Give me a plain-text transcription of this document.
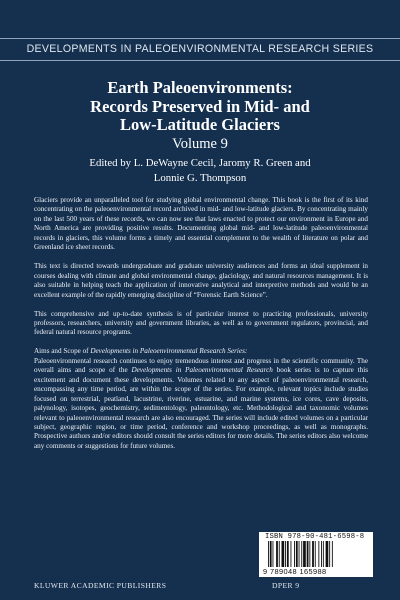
DEVELOPMENTS IN PALEOENVIRONMENTAL RESEARCH SERIES
Earth Paleoenvironments:
Records Preserved in Mid- and
Low-Latitude Glaciers
Volume 9
Edited by L. DeWayne Cecil, Jaromy R. Green and
Lonnie G. Thompson

Glaciers provide an unparalleled tool for studying global environmental change. This book is the first of its kind concentrating on the paleoenvironmental record archived in mid- and low-latitude glaciers. By concentrating mainly on the last 500 years of these records, we can now see that laws enacted to protect our environment in Europe and North America are providing positive results. Documenting global mid- and low-latitude paleoenvironmental records in glaciers, this volume forms a timely and essential complement to the wealth of literature on polar and Greenland ice sheet records.

This text is directed towards undergraduate and graduate university audiences and forms an ideal supplement in courses dealing with climate and global environmental change, glaciology, and natural resources management. It is also suitable in helping teach the application of innovative analytical and interpretive methods and would be an excellent example of the rapidly emerging discipline of “Forensic Earth Science”.

This comprehensive and up-to-date synthesis is of particular interest to practicing professionals, university professors, researchers, university and government libraries, as well as to government regulators, provincial, and federal natural resource programs.

Aims and Scope of Developments in Paleoenvironmental Research Series:

Paleoenvironmental research continues to enjoy tremendous interest and progress in the scientific community. The overall aims and scope of the Developments in Paleoenvironmental Research book series is to capture this excitement and document these developments. Volumes related to any aspect of paleoenvironmental research, encompassing any time period, are within the scope of the series. For example, relevant topics include studies focused on terrestrial, peatland, lacustrine, riverine, estuarine, and marine systems, ice cores, cave deposits, palynology, isotopes, geochemistry, sedimentology, paleontology, etc. Methodological and taxonomic volumes relevant to paleoenvironmental research are also encouraged. The series will include edited volumes on a particular subject, geographic region, or time period, conference and workshop proceedings, as well as monographs. Prospective authors and/or editors should consult the series editors for more details. The series editors also welcome any comments or suggestions for future volumes.

ISBN 978-90-481-6598-8
9 789048 165988
KLUWER ACADEMIC PUBLISHERS	DPER 9
